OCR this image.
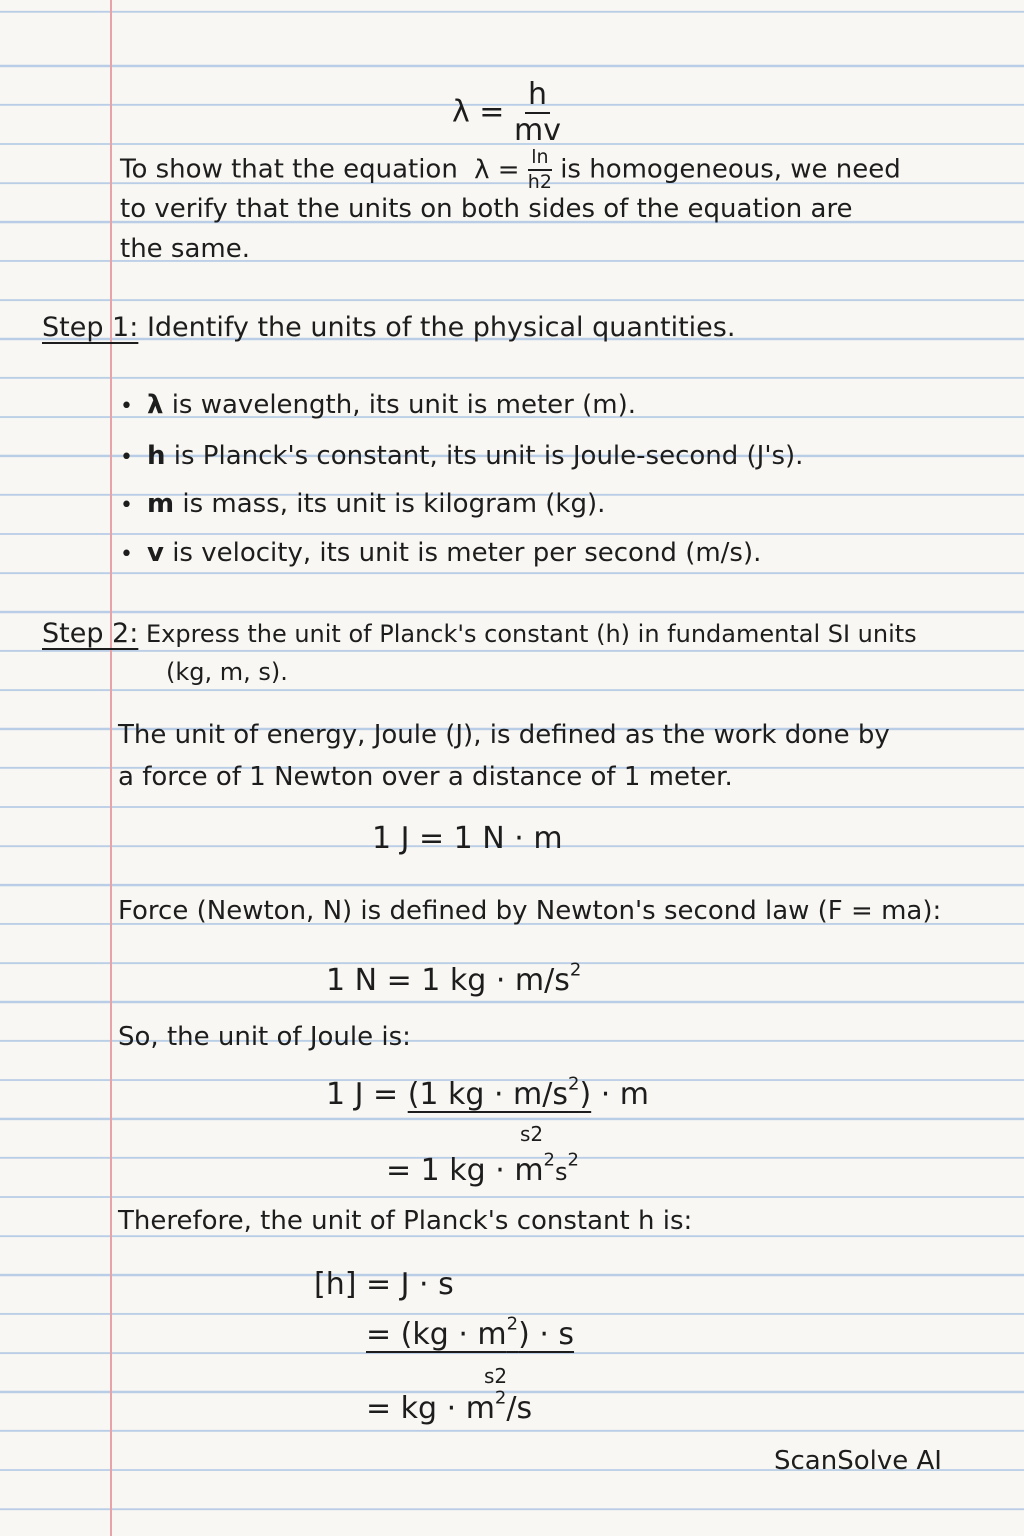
$\lambda = \frac{h}{mv}$
To show that the equation $\lambda = \frac{\ln}{h2}$ is homogeneous, we need
to verify that the units on both sides of the equation are
the same.
Step 1: Identify the units of the physical quantities.
• λ is wavelength, its unit is meter (m).
• h is Planck's constant, its unit is Joule-second (J's).
• m is mass, its unit is kilogram (kg).
• v is velocity, its unit is meter per second (m/s).
Step 2: Express the unit of Planck's constant (h) in fundamental SI units
(kg, m, s).
The unit of energy, Joule (J), is defined as the work done by
a force of 1 Newton over a distance of 1 meter.
1 J = 1 N · m
Force (Newton, N) is defined by Newton's second law (F = ma):
1 N = 1 kg · $m/s^2$
So, the unit of Joule is:
1 J = (1 kg · $m/s^2) \cdot m$
s2
= 1 kg · $m^2s^2$
Therefore, the unit of Planck's constant h is:
[h] = J · s
= $(kg \cdot m^2) \cdot s$
s2
= kg · $m^2/s$
ScanSolve AI
